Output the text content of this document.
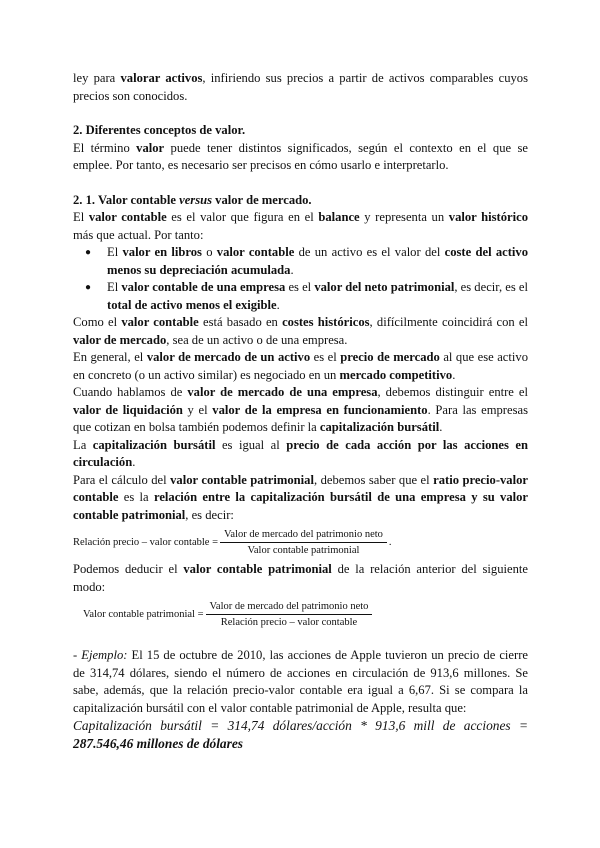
ley para valorar activos, infiriendo sus precios a partir de activos comparables cuyos precios son conocidos.

2. Diferentes conceptos de valor.

El término valor puede tener distintos significados, según el contexto en el que se emplee. Por tanto, es necesario ser precisos en cómo usarlo e interpretarlo.

2. 1. Valor contable versus valor de mercado.

El valor contable es el valor que figura en el balance y representa un valor histórico más que actual. Por tanto:

● El valor en libros o valor contable de un activo es el valor del coste del activo menos su depreciación acumulada.
● El valor contable de una empresa es el valor del neto patrimonial, es decir, es el total de activo menos el exigible.

Como el valor contable está basado en costes históricos, difícilmente coincidirá con el valor de mercado, sea de un activo o de una empresa.

En general, el valor de mercado de un activo es el precio de mercado al que ese activo en concreto (o un activo similar) es negociado en un mercado competitivo.

Cuando hablamos de valor de mercado de una empresa, debemos distinguir entre el valor de liquidación y el valor de la empresa en funcionamiento. Para las empresas que cotizan en bolsa también podemos definir la capitalización bursátil.

La capitalización bursátil es igual al precio de cada acción por las acciones en circulación.

Para el cálculo del valor contable patrimonial, debemos saber que el ratio precio-valor contable es la relación entre la capitalización bursátil de una empresa y su valor contable patrimonial, es decir:

Relación precio – valor contable = $\frac{\text{Valor de mercado del patrimonio neto}}{\text{Valor contable patrimonial}}$ .

Podemos deducir el valor contable patrimonial de la relación anterior del siguiente modo:

Valor contable patrimonial = $\frac{\text{Valor de mercado del patrimonio neto}}{\text{Relación precio – valor contable}}$

- Ejemplo: El 15 de octubre de 2010, las acciones de Apple tuvieron un precio de cierre de 314,74 dólares, siendo el número de acciones en circulación de 913,6 millones. Se sabe, además, que la relación precio-valor contable era igual a 6,67. Si se compara la capitalización bursátil con el valor contable patrimonial de Apple, resulta que:

Capitalización bursátil = 314,74 dólares/acción * 913,6 mill de acciones = 287.546,46 millones de dólares
